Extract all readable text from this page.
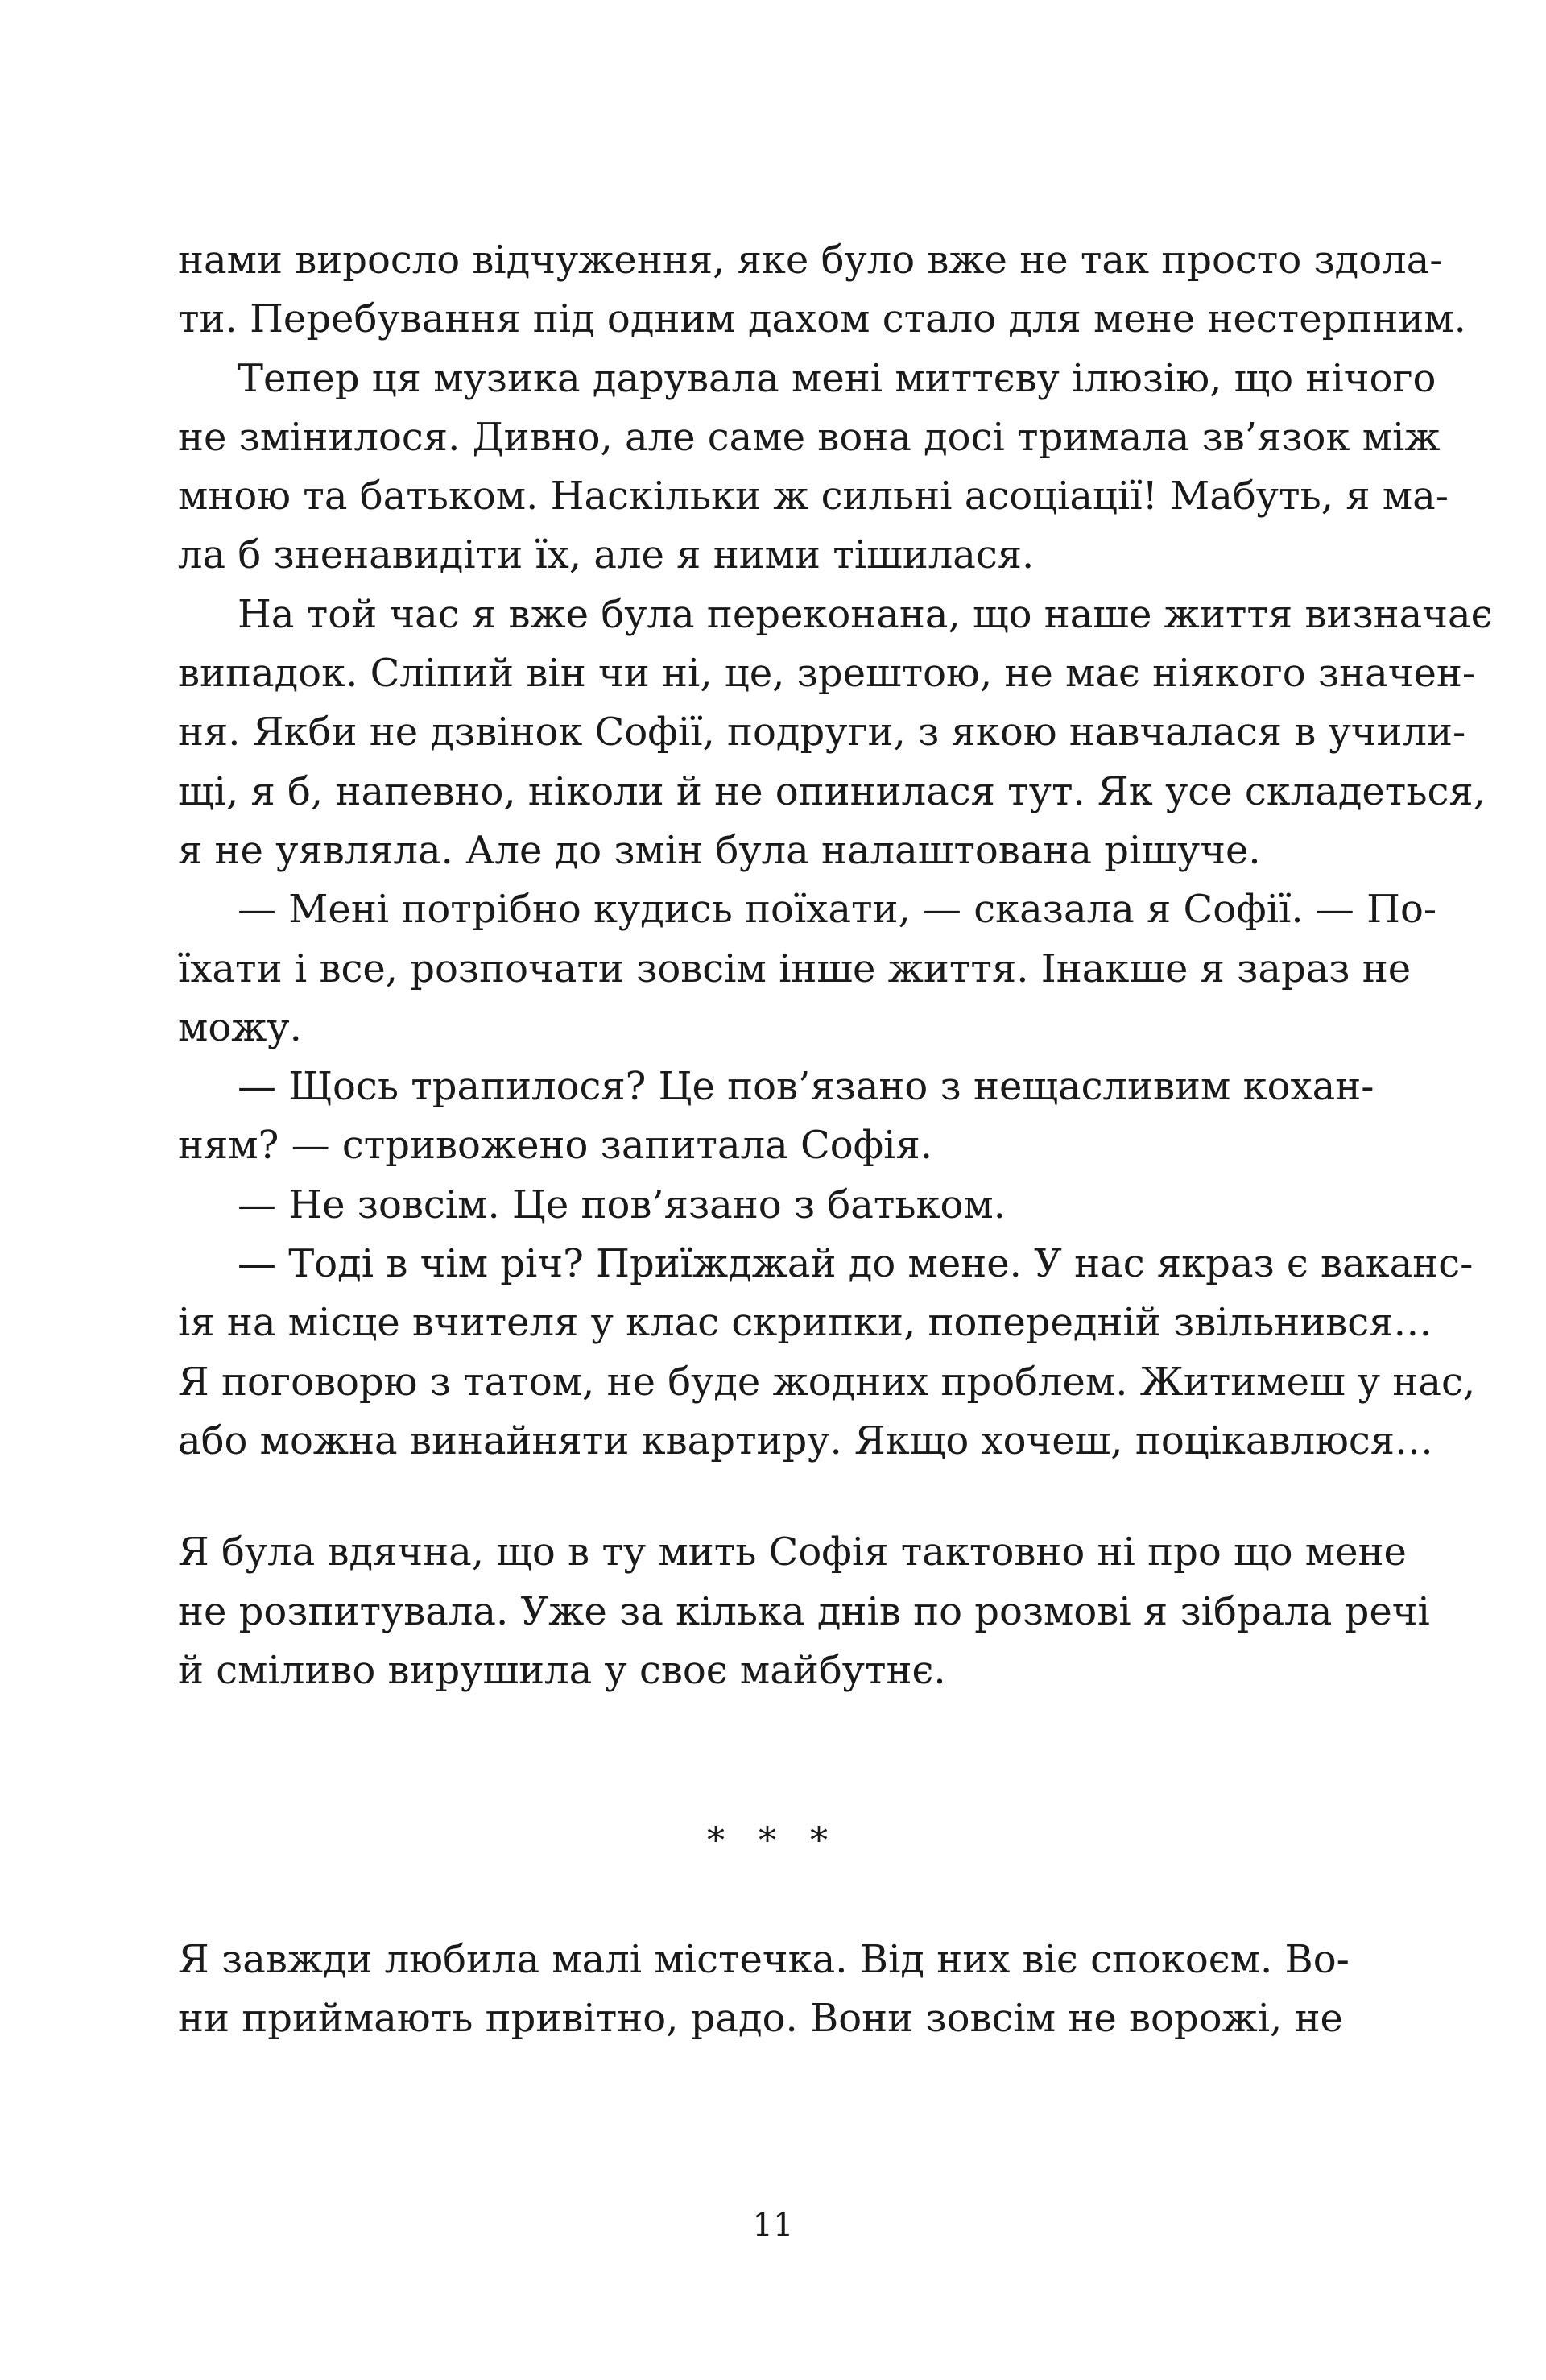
нами виросло відчуження, яке було вже не так просто здола-
ти. Перебування під одним дахом стало для мене нестерпним.
Тепер ця музика дарувала мені миттєву ілюзію, що нічого
не змінилося. Дивно, але саме вона досі тримала зв’язок між
мною та батьком. Наскільки ж сильні асоціації! Мабуть, я ма-
ла б зненавидіти їх, але я ними тішилася.
На той час я вже була переконана, що наше життя визначає
випадок. Сліпий він чи ні, це, зрештою, не має ніякого значен-
ня. Якби не дзвінок Софії, подруги, з якою навчалася в учили-
щі, я б, напевно, ніколи й не опинилася тут. Як усе складеться,
я не уявляла. Але до змін була налаштована рішуче.
— Мені потрібно кудись поїхати, — сказала я Софії. — По-
їхати і все, розпочати зовсім інше життя. Інакше я зараз не
можу.
— Щось трапилося? Це пов’язано з нещасливим кохан-
ням? — стривожено запитала Софія.
— Не зовсім. Це пов’язано з батьком.
— Тоді в чім річ? Приїжджай до мене. У нас якраз є ваканс-
ія на місце вчителя у клас скрипки, попередній звільнився…
Я поговорю з татом, не буде жодних проблем. Житимеш у нас,
або можна винайняти квартиру. Якщо хочеш, поцікавлюся…
Я була вдячна, що в ту мить Софія тактовно ні про що мене
не розпитувала. Уже за кілька днів по розмові я зібрала речі
й сміливо вирушила у своє майбутнє.
* * *
Я завжди любила малі містечка. Від них віє спокоєм. Во-
ни приймають привітно, радо. Вони зовсім не ворожі, не
11
